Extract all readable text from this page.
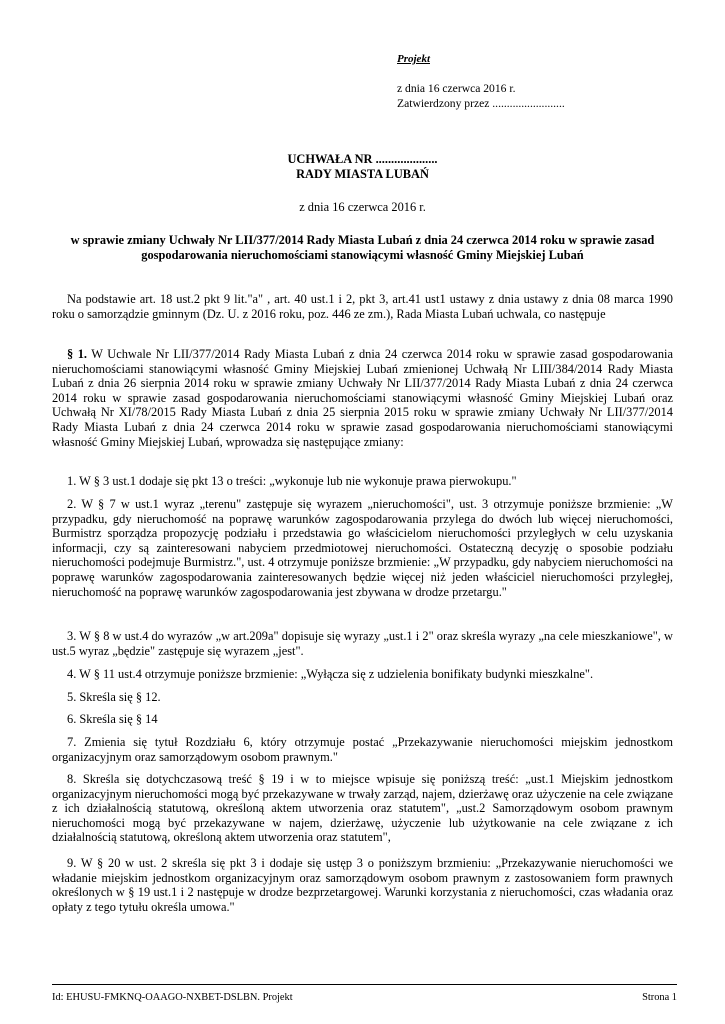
Projekt
z dnia 16 czerwca 2016 r.
Zatwierdzony przez .........................
UCHWAŁA NR ....................
RADY MIASTA LUBAŃ
z dnia 16 czerwca 2016 r.
w sprawie zmiany Uchwały Nr LII/377/2014 Rady Miasta Lubań z dnia 24 czerwca 2014 roku w sprawie zasad gospodarowania nieruchomościami stanowiącymi własność Gminy Miejskiej Lubań

Na podstawie art. 18 ust.2 pkt 9 lit."a" , art. 40 ust.1 i 2, pkt 3, art.41 ust1 ustawy z dnia ustawy z dnia 08 marca 1990 roku o samorządzie gminnym (Dz. U. z 2016 roku, poz. 446 ze zm.), Rada Miasta Lubań uchwala, co następuje

§ 1. W Uchwale Nr LII/377/2014 Rady Miasta Lubań z dnia 24 czerwca 2014 roku w sprawie zasad gospodarowania nieruchomościami stanowiącymi własność Gminy Miejskiej Lubań zmienionej Uchwałą Nr LIII/384/2014 Rady Miasta Lubań z dnia 26 sierpnia 2014 roku w sprawie zmiany Uchwały Nr LII/377/2014 Rady Miasta Lubań z dnia 24 czerwca 2014 roku w sprawie zasad gospodarowania nieruchomościami stanowiącymi własność Gminy Miejskiej Lubań oraz Uchwałą Nr XI/78/2015 Rady Miasta Lubań z dnia 25 sierpnia 2015 roku w sprawie zmiany Uchwały Nr LII/377/2014 Rady Miasta Lubań z dnia 24 czerwca 2014 roku w sprawie zasad gospodarowania nieruchomościami stanowiącymi własność Gminy Miejskiej Lubań, wprowadza się następujące zmiany:

1. W § 3 ust.1 dodaje się pkt 13 o treści: „wykonuje lub nie wykonuje prawa pierwokupu."

2. W § 7 w ust.1 wyraz „terenu" zastępuje się wyrazem „nieruchomości", ust. 3 otrzymuje poniższe brzmienie: „W przypadku, gdy nieruchomość na poprawę warunków zagospodarowania przylega do dwóch lub więcej nieruchomości, Burmistrz sporządza propozycję podziału i przedstawia go właścicielom nieruchomości przyległych w celu uzyskania informacji, czy są zainteresowani nabyciem przedmiotowej nieruchomości. Ostateczną decyzję o sposobie podziału nieruchomości podejmuje Burmistrz.", ust. 4 otrzymuje poniższe brzmienie: „W przypadku, gdy nabyciem nieruchomości na poprawę warunków zagospodarowania zainteresowanych będzie więcej niż jeden właściciel nieruchomości przyległej, nieruchomość na poprawę warunków zagospodarowania jest zbywana w drodze przetargu."

3. W § 8 w ust.4 do wyrazów „w art.209a" dopisuje się wyrazy „ust.1 i 2" oraz skreśla wyrazy „na cele mieszkaniowe", w ust.5 wyraz „będzie" zastępuje się wyrazem „jest".

4. W § 11 ust.4 otrzymuje poniższe brzmienie: „Wyłącza się z udzielenia bonifikaty budynki mieszkalne".

5. Skreśla się § 12.

6. Skreśla się § 14

7. Zmienia się tytuł Rozdziału 6, który otrzymuje postać „Przekazywanie nieruchomości miejskim jednostkom organizacyjnym oraz samorządowym osobom prawnym."

8. Skreśla się dotychczasową treść § 19 i w to miejsce wpisuje się poniższą treść: „ust.1 Miejskim jednostkom organizacyjnym nieruchomości mogą być przekazywane w trwały zarząd, najem, dzierżawę oraz użyczenie na cele związane z ich działalnością statutową, określoną aktem utworzenia oraz statutem", „ust.2 Samorządowym osobom prawnym nieruchomości mogą być przekazywane w najem, dzierżawę, użyczenie lub użytkowanie na cele związane z ich działalnością statutową, określoną aktem utworzenia oraz statutem",

9. W § 20 w ust. 2 skreśla się pkt 3 i dodaje się ustęp 3 o poniższym brzmieniu: „Przekazywanie nieruchomości we władanie miejskim jednostkom organizacyjnym oraz samorządowym osobom prawnym z zastosowaniem form prawnych określonych w § 19 ust.1 i 2 następuje w drodze bezprzetargowej. Warunki korzystania z nieruchomości, czas władania oraz opłaty z tego tytułu określa umowa."

Id: EHUSU-FMKNQ-OAAGO-NXBET-DSLBN. Projekt	Strona 1
